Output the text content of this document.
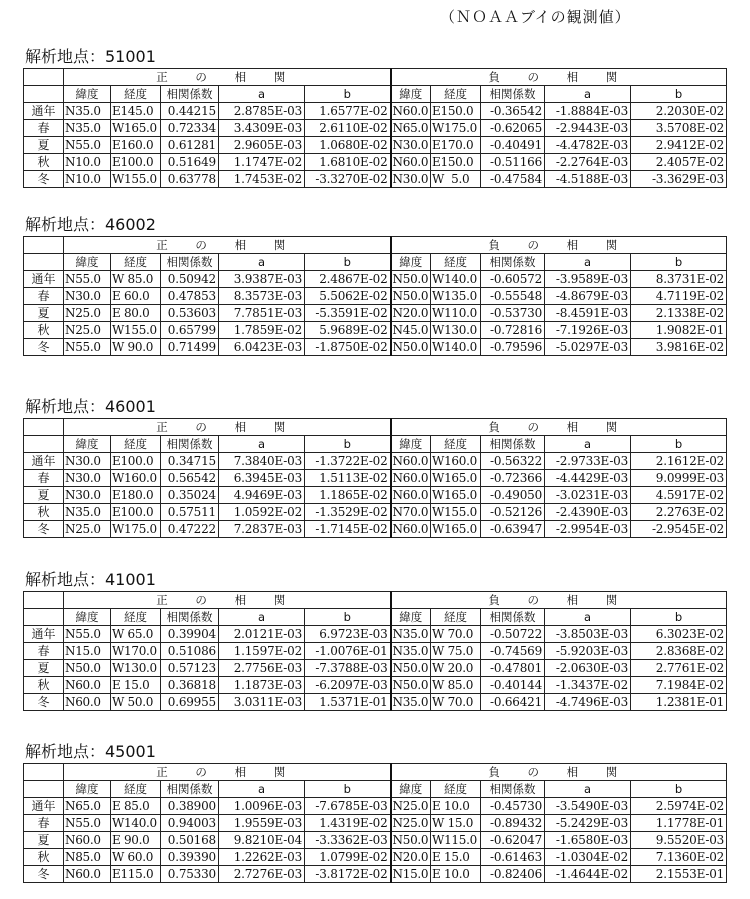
（ＮＯＡＡブイの観測値）
解析地点：51001
	正 の 相 関					負 の 相 関				
	緯度	経度	相関係数	a	b	緯度	経度	相関係数	a	b
通年	N35.0	E145.0	0.44215	2.8785E-03	1.6577E-02	N60.0	E150.0	-0.36542	-1.8884E-03	2.2030E-02
春	N35.0	W165.0	0.72334	3.4309E-03	2.6110E-02	N65.0	W175.0	-0.62065	-2.9443E-03	3.5708E-02
夏	N55.0	E160.0	0.61281	2.9605E-03	1.0680E-02	N30.0	E170.0	-0.40491	-4.4782E-03	2.9412E-02
秋	N10.0	E100.0	0.51649	1.1747E-02	1.6810E-02	N60.0	E150.0	-0.51166	-2.2764E-03	2.4057E-02
冬	N10.0	W155.0	0.63778	1.7453E-02	-3.3270E-02	N30.0	W  5.0	-0.47584	-4.5188E-03	-3.3629E-03
解析地点：46002
	正 の 相 関					負 の 相 関				
	緯度	経度	相関係数	a	b	緯度	経度	相関係数	a	b
通年	N55.0	W 85.0	0.50942	3.9387E-03	2.4867E-02	N50.0	W140.0	-0.60572	-3.9589E-03	8.3731E-02
春	N30.0	E 60.0	0.47853	8.3573E-03	5.5062E-02	N50.0	W135.0	-0.55548	-4.8679E-03	4.7119E-02
夏	N25.0	E 80.0	0.53603	7.7851E-03	-5.3591E-02	N20.0	W110.0	-0.53730	-8.4591E-03	2.1338E-02
秋	N25.0	W155.0	0.65799	1.7859E-02	5.9689E-02	N45.0	W130.0	-0.72816	-7.1926E-03	1.9082E-01
冬	N55.0	W 90.0	0.71499	6.0423E-03	-1.8750E-02	N50.0	W140.0	-0.79596	-5.0297E-03	3.9816E-02
解析地点：46001
	正 の 相 関					負 の 相 関				
	緯度	経度	相関係数	a	b	緯度	経度	相関係数	a	b
通年	N30.0	E100.0	0.34715	7.3840E-03	-1.3722E-02	N60.0	W160.0	-0.56322	-2.9733E-03	2.1612E-02
春	N30.0	W160.0	0.56542	6.3945E-03	1.5113E-02	N60.0	W165.0	-0.72366	-4.4429E-03	9.0999E-03
夏	N30.0	E180.0	0.35024	4.9469E-03	1.1865E-02	N60.0	W165.0	-0.49050	-3.0231E-03	4.5917E-02
秋	N35.0	E100.0	0.57511	1.0592E-02	-1.3529E-02	N70.0	W155.0	-0.52126	-2.4390E-03	2.2763E-02
冬	N25.0	W175.0	0.47222	7.2837E-03	-1.7145E-02	N60.0	W165.0	-0.63947	-2.9954E-03	-2.9545E-02
解析地点：41001
	正 の 相 関					負 の 相 関				
	緯度	経度	相関係数	a	b	緯度	経度	相関係数	a	b
通年	N55.0	W 65.0	0.39904	2.0121E-03	6.9723E-03	N35.0	W 70.0	-0.50722	-3.8503E-03	6.3023E-02
春	N15.0	W170.0	0.51086	1.1597E-02	-1.0076E-01	N35.0	W 75.0	-0.74569	-5.9203E-03	2.8368E-02
夏	N50.0	W130.0	0.57123	2.7756E-03	-7.3788E-03	N50.0	W 20.0	-0.47801	-2.0630E-03	2.7761E-02
秋	N60.0	E 15.0	0.36818	1.1873E-03	-6.2097E-03	N50.0	W 85.0	-0.40144	-1.3437E-02	7.1984E-02
冬	N60.0	W 50.0	0.69955	3.0311E-03	1.5371E-01	N35.0	W 70.0	-0.66421	-4.7496E-03	1.2381E-01
解析地点：45001
	正 の 相 関					負 の 相 関				
	緯度	経度	相関係数	a	b	緯度	経度	相関係数	a	b
通年	N65.0	E 85.0	0.38900	1.0096E-03	-7.6785E-03	N25.0	E 10.0	-0.45730	-3.5490E-03	2.5974E-02
春	N55.0	W140.0	0.94003	1.9559E-03	1.4319E-02	N25.0	W 15.0	-0.89432	-5.2429E-03	1.1778E-01
夏	N60.0	E 90.0	0.50168	9.8210E-04	-3.3362E-03	N50.0	W115.0	-0.62047	-1.6580E-03	9.5520E-03
秋	N85.0	W 60.0	0.39390	1.2262E-03	1.0799E-02	N20.0	E 15.0	-0.61463	-1.0304E-02	7.1360E-02
冬	N60.0	E115.0	0.75330	2.7276E-03	-3.8172E-02	N15.0	E 10.0	-0.82406	-1.4644E-02	2.1553E-01
